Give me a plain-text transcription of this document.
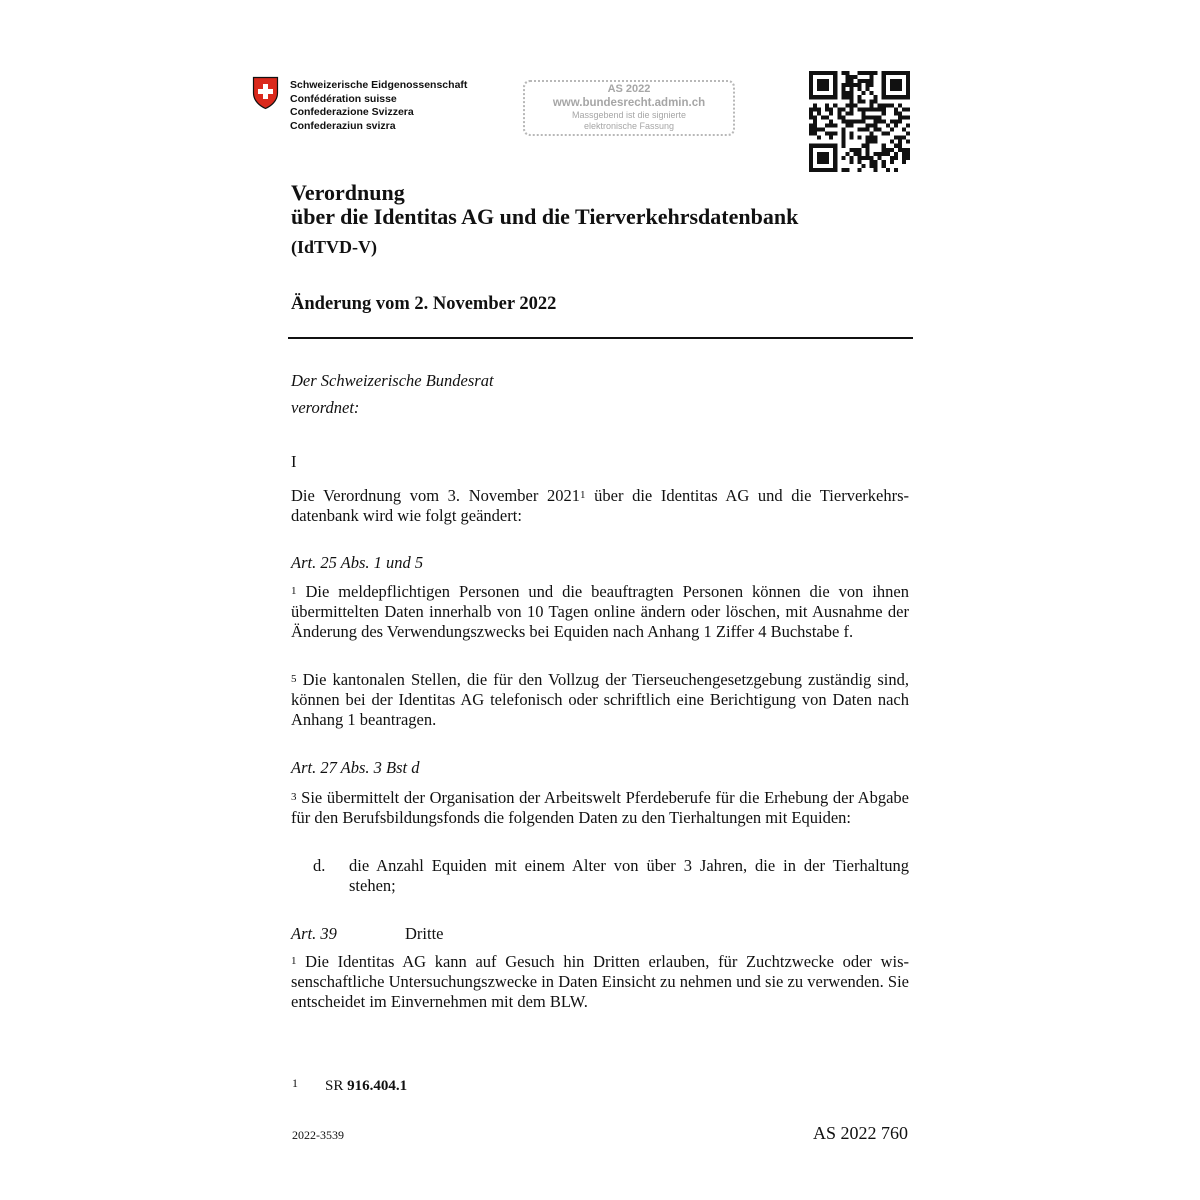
Schweizerische Eidgenossenschaft
Confédération suisse
Confederazione Svizzera
Confederaziun svizra
AS 2022
www.bundesrecht.admin.ch
Massgebend ist die signierte
elektronische Fassung
Verordnung
über die Identitas AG und die Tierverkehrsdatenbank
(IdTVD-V)
Änderung vom 2. November 2022
Der Schweizerische Bundesrat
verordnet:
I
Die Verordnung vom 3. November 2021$^1$ über die Identitas AG und die Tierverkehrsdatenbank wird wie folgt geändert:
Art. 25 Abs. 1 und 5
$^1$ Die meldepflichtigen Personen und die beauftragten Personen können die von ihnen übermittelten Daten innerhalb von 10 Tagen online ändern oder löschen, mit Ausnahme der Änderung des Verwendungszwecks bei Equiden nach Anhang 1 Ziffer 4 Buchstabe f.
$^5$ Die kantonalen Stellen, die für den Vollzug der Tierseuchengesetzgebung zuständig sind, können bei der Identitas AG telefonisch oder schriftlich eine Berichtigung von Daten nach Anhang 1 beantragen.
Art. 27 Abs. 3 Bst d
$^3$ Sie übermittelt der Organisation der Arbeitswelt Pferdeberufe für die Erhebung der Abgabe für den Berufsbildungsfonds die folgenden Daten zu den Tierhaltungen mit Equiden:
d. die Anzahl Equiden mit einem Alter von über 3 Jahren, die in der Tierhaltung stehen;
Art. 39	Dritte
$^1$ Die Identitas AG kann auf Gesuch hin Dritten erlauben, für Zuchtzwecke oder wissenschaftliche Untersuchungszwecke in Daten Einsicht zu nehmen und sie zu verwenden. Sie entscheidet im Einvernehmen mit dem BLW.
1 SR 916.404.1
2022-3539	AS 2022 760
